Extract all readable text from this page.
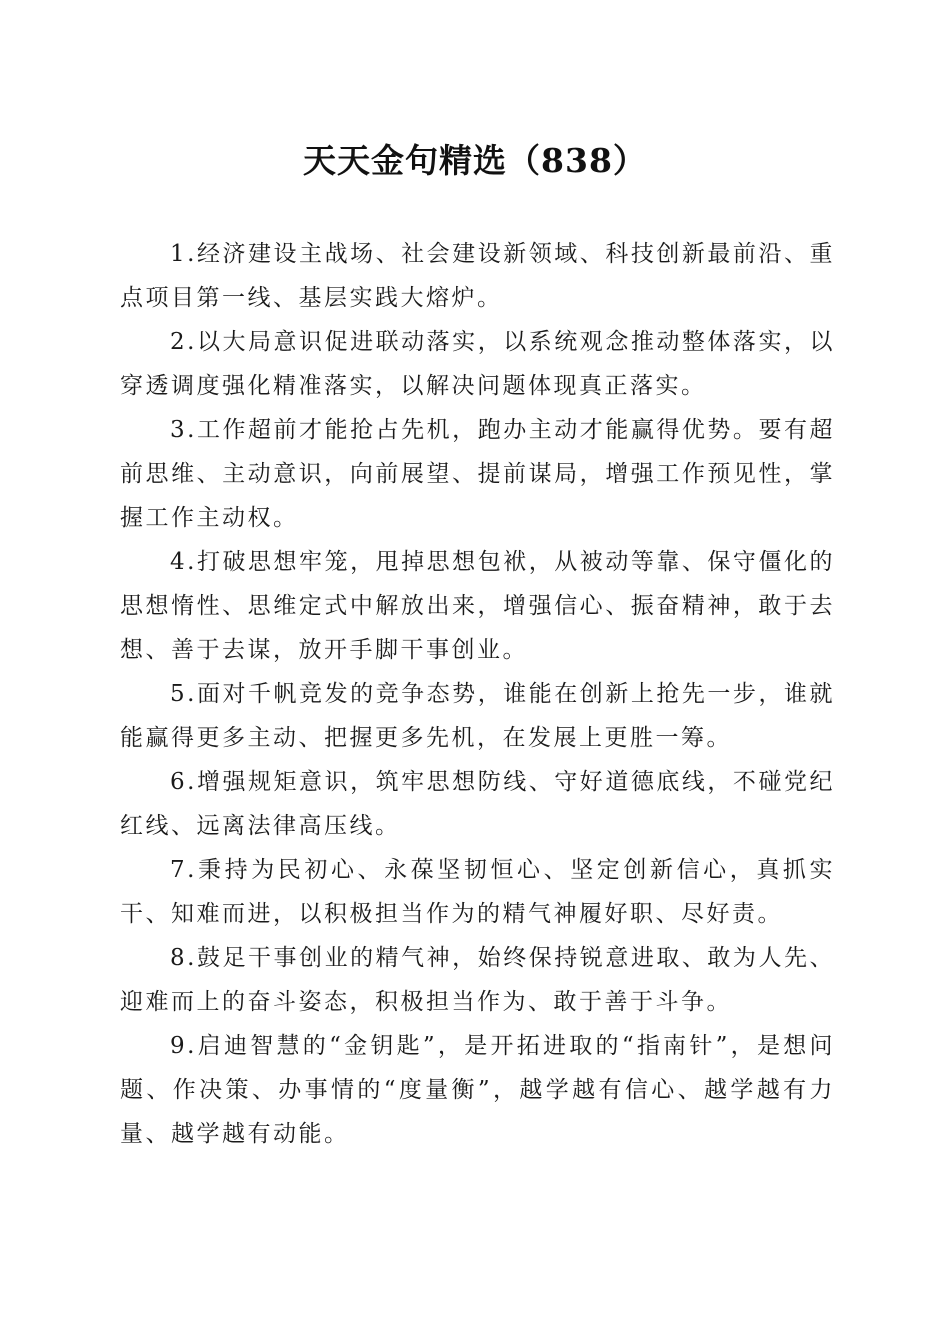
天天金句精选（838）

1.经济建设主战场、社会建设新领域、科技创新最前沿、重点项目第一线、基层实践大熔炉。

2.以大局意识促进联动落实，以系统观念推动整体落实，以穿透调度强化精准落实，以解决问题体现真正落实。

3.工作超前才能抢占先机，跑办主动才能赢得优势。要有超前思维、主动意识，向前展望、提前谋局，增强工作预见性，掌握工作主动权。

4.打破思想牢笼，甩掉思想包袱，从被动等靠、保守僵化的思想惰性、思维定式中解放出来，增强信心、振奋精神，敢于去想、善于去谋，放开手脚干事创业。

5.面对千帆竞发的竞争态势，谁能在创新上抢先一步，谁就能赢得更多主动、把握更多先机，在发展上更胜一筹。

6.增强规矩意识，筑牢思想防线、守好道德底线，不碰党纪红线、远离法律高压线。

7.秉持为民初心、永葆坚韧恒心、坚定创新信心，真抓实干、知难而进，以积极担当作为的精气神履好职、尽好责。

8.鼓足干事创业的精气神，始终保持锐意进取、敢为人先、迎难而上的奋斗姿态，积极担当作为、敢于善于斗争。

9.启迪智慧的“金钥匙”，是开拓进取的“指南针”，是想问题、作决策、办事情的“度量衡”，越学越有信心、越学越有力量、越学越有动能。
